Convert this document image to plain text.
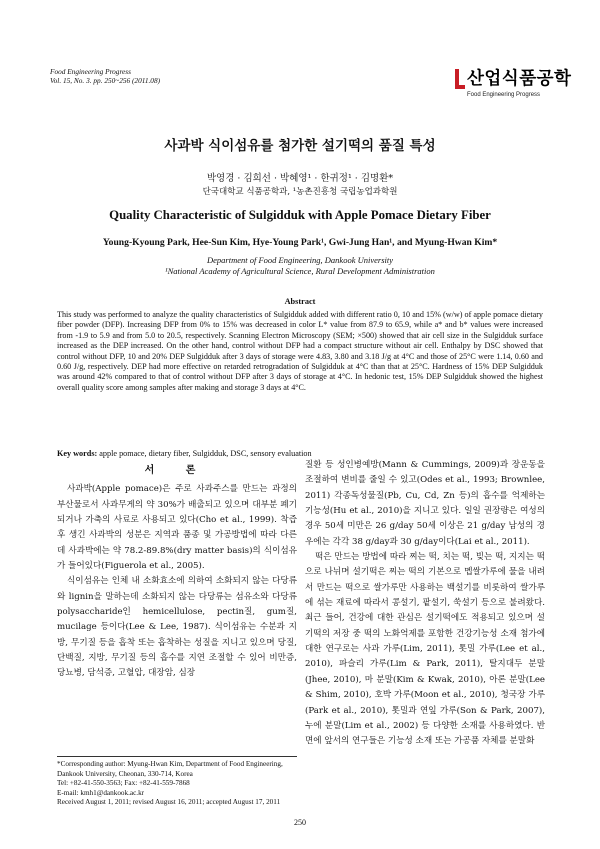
Food Engineering Progress
Vol. 15, No. 3. pp. 250~256 (2011.08)	산업식품공학
Food Engineering Progress
사과박 식이섬유를 첨가한 설기떡의 품질 특성
박영경 · 김희선 · 박혜영¹ · 한귀정¹ · 김명환*
단국대학교 식품공학과, ¹농촌진흥청 국립농업과학원
Quality Characteristic of Sulgidduk with Apple Pomace Dietary Fiber
Young-Kyoung Park, Hee-Sun Kim, Hye-Young Park¹, Gwi-Jung Han¹, and Myung-Hwan Kim*
Department of Food Engineering, Dankook University
¹National Academy of Agricultural Science, Rural Development Administration
Abstract
This study was performed to analyze the quality characteristics of Sulgidduk added with different ratio 0, 10 and 15% (w/w) of apple pomace dietary fiber powder (DFP). Increasing DFP from 0% to 15% was decreased in color L* value from 87.9 to 65.9, while a* and b* values were increased from -1.9 to 5.9 and from 5.0 to 20.5, respectively. Scanning Electron Microscopy (SEM; ×500) showed that air cell size in the Sulgidduk surface increased as the DEP increased. On the other hand, control without DFP had a compact structure without air cell. Enthalpy by DSC showed that control without DFP, 10 and 20% DEP Sulgidduk after 3 days of storage were 4.83, 3.80 and 3.18 J/g at 4°C and those of 25°C were 1.14, 0.60 and 0.60 J/g, respectively. DEP had more effective on retarded retrogradation of Sulgidduk at 4°C than that at 25°C. Hardness of 15% DEP Sulgidduk was around 42% compared to that of control without DFP after 3 days of storage at 4°C. In hedonic test, 15% DEP Sulgidduk showed the highest overall quality score among samples after making and storage 3 days at 4°C.
Key words: apple pomace, dietary fiber, Sulgidduk, DSC, sensory evaluation
서 론

사과박(Apple pomace)은 주로 사과주스를 만드는 과정의 부산물로서 사과무게의 약 30%가 배출되고 있으며 대부분 폐기되거나 가축의 사료로 사용되고 있다(Cho et al., 1999). 착즙 후 생긴 사과박의 성분은 지역과 품종 및 가공방법에 따라 다른데 사과박에는 약 78.2-89.8%(dry matter basis)의 식이섬유가 들어있다(Figuerola et al., 2005).

식이섬유는 인체 내 소화효소에 의하여 소화되지 않는 다당류와 lignin을 말하는데 소화되지 않는 다당류는 섬유소와 다당류 polysaccharide인 hemicellulose, pectin질, gum질, mucilage 등이다(Lee & Lee, 1987). 식이섬유는 수분과 지방, 무기질 등을 흡착 또는 흡착하는 성질을 지니고 있으며 당질, 단백질, 지방, 무기질 등의 흡수를 지연 조절할 수 있어 비만증, 당뇨병, 담석증, 고혈압, 대장암, 심장

질환 등 성인병예방(Mann & Cummings, 2009)과 장운동을 조절하여 변비를 줄일 수 있고(Odes et al., 1993; Brownlee, 2011) 각종독성물질(Pb, Cu, Cd, Zn 등)의 흡수를 억제하는 기능성(Hu et al., 2010)을 지니고 있다. 일일 권장량은 여성의 경우 50세 미만은 26 g/day 50세 이상은 21 g/day 남성의 경우에는 각각 38 g/day과 30 g/day이다(Lai et al., 2011).

떡은 만드는 방법에 따라 찌는 떡, 치는 떡, 빚는 떡, 지지는 떡으로 나뉘며 설기떡은 찌는 떡의 기본으로 멥쌀가루에 물을 내려서 만드는 떡으로 쌀가루만 사용하는 백설기를 비롯하여 쌀가루에 섞는 재료에 따라서 콩설기, 팥설기, 쑥설기 등으로 불려왔다. 최근 들어, 건강에 대한 관심은 설기떡에도 적용되고 있으며 설기떡의 저장 중 떡의 노화억제를 포함한 건강기능성 소재 첨가에 대한 연구로는 사과 가루(Lim, 2011), 톳밀 가루(Lee et al., 2010), 파슬리 가루(Lim & Park, 2011), 탈지대두 분말(Jhee, 2010), 마 분말(Kim & Kwak, 2010), 아론 분말(Lee & Shim, 2010), 호박 가루(Moon et al., 2010), 청국장 가루(Park et al., 2010), 톳밀과 연잎 가루(Son & Park, 2007), 누에 분말(Lim et al., 2002) 등 다양한 소재를 사용하였다. 반면에 앞서의 연구들은 기능성 소재 또는 가공품 자체를 분말화

*Corresponding author: Myung-Hwan Kim, Department of Food Engineering, Dankook University, Cheonan, 330-714, Korea
Tel: +82-41-550-3563; Fax: +82-41-559-7868
E-mail: kmh1@dankook.ac.kr
Received August 1, 2011; revised August 16, 2011; accepted August 17, 2011
250
